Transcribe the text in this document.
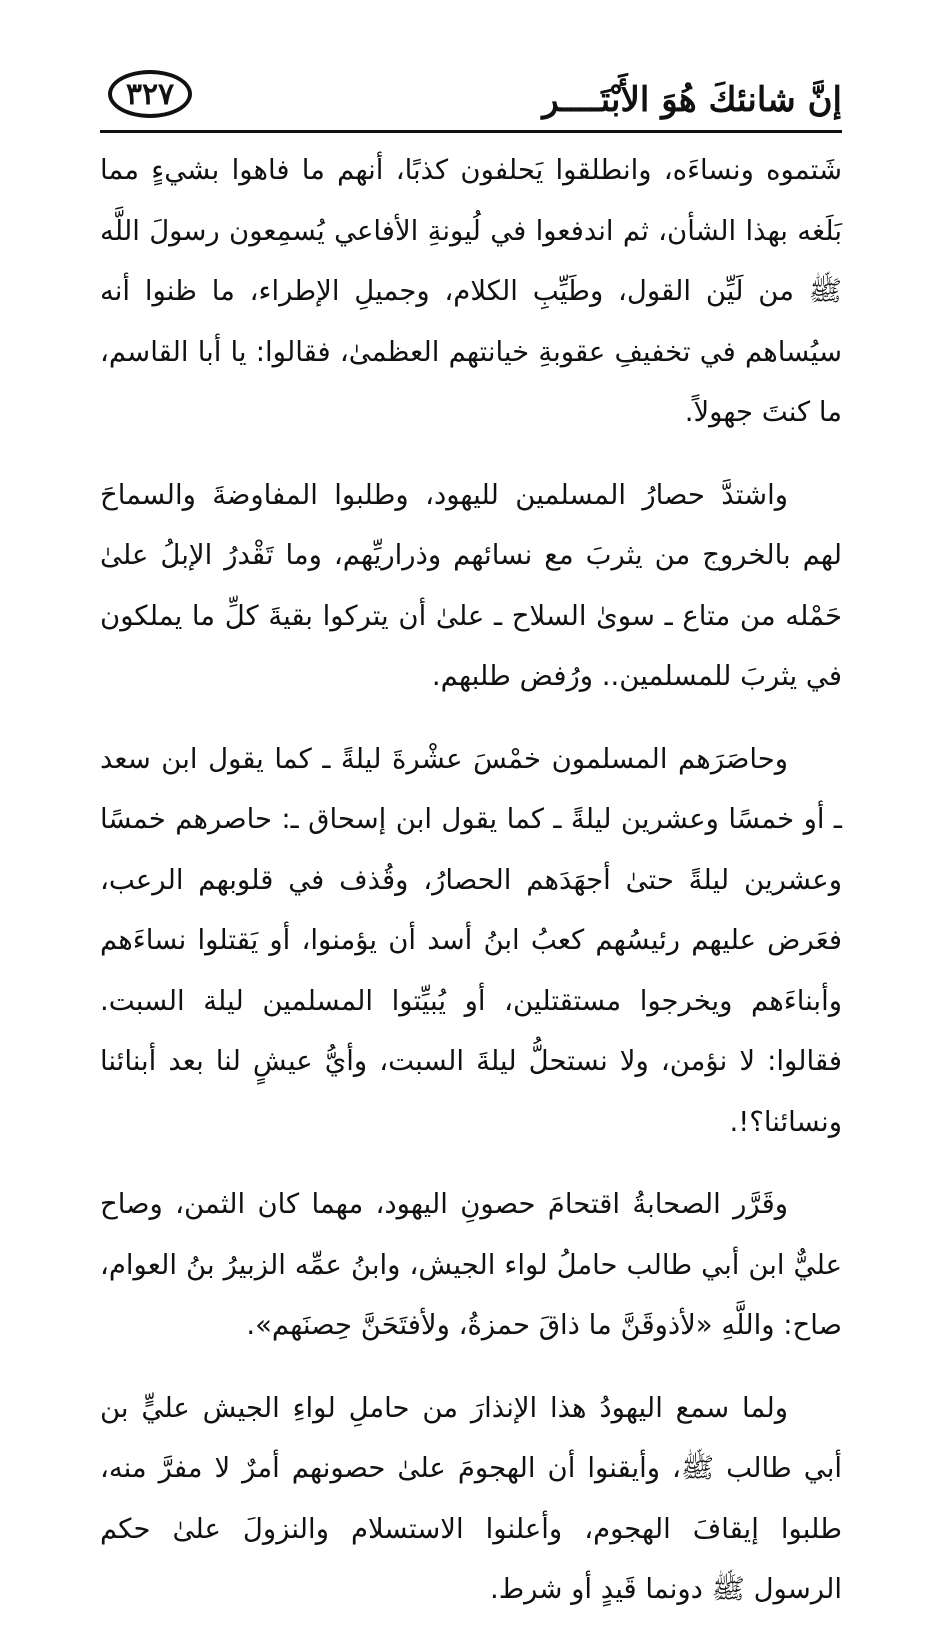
٣٢٧	إنَّ شانئكَ هُوَ الأَبْتَــــر

شَتموه ونساءَه، وانطلقوا يَحلفون كذبًا، أنهم ما فاهوا بشيءٍ مما بَلَغه بهذا الشأن، ثم اندفعوا في لُيونةِ الأفاعي يُسمِعون رسولَ اللَّه ﷺ من لَيِّن القول، وطَيِّبِ الكلام، وجميلِ الإطراء، ما ظنوا أنه سيُساهم في تخفيفِ عقوبةِ خيانتهم العظمىٰ، فقالوا: يا أبا القاسم، ما كنتَ جهولاً.

واشتدَّ حصارُ المسلمين لليهود، وطلبوا المفاوضةَ والسماحَ لهم بالخروج من يثربَ مع نسائهم وذراريِّهم، وما تَقْدرُ الإبلُ علىٰ حَمْله من متاع ـ سوىٰ السلاح ـ علىٰ أن يتركوا بقيةَ كلِّ ما يملكون في يثربَ للمسلمين.. ورُفض طلبهم.

وحاصَرَهم المسلمون خمْسَ عشْرةَ ليلةً ـ كما يقول ابن سعد ـ أو خمسًا وعشرين ليلةً ـ كما يقول ابن إسحاق ـ: حاصرهم خمسًا وعشرين ليلةً حتىٰ أجهَدَهم الحصارُ، وقُذف في قلوبهم الرعب، فعَرض عليهم رئيسُهم كعبُ ابنُ أسد أن يؤمنوا، أو يَقتلوا نساءَهم وأبناءَهم ويخرجوا مستقتلين، أو يُبيِّتوا المسلمين ليلة السبت. فقالوا: لا نؤمن، ولا نستحلُّ ليلةَ السبت، وأيُّ عيشٍ لنا بعد أبنائنا ونسائنا؟!.

وقَرَّر الصحابةُ اقتحامَ حصونِ اليهود، مهما كان الثمن، وصاح عليٌّ ابن أبي طالب حاملُ لواء الجيش، وابنُ عمِّه الزبيرُ بنُ العوام، صاح: واللَّهِ «لأذوقَنَّ ما ذاقَ حمزةُ، ولأفتَحَنَّ حِصنَهم».

ولما سمع اليهودُ هذا الإنذارَ من حاملِ لواءِ الجيش عليٍّ بن أبي طالب ﷺ، وأيقنوا أن الهجومَ علىٰ حصونهم أمرٌ لا مفرَّ منه، طلبوا إيقافَ الهجوم، وأعلنوا الاستسلام والنزولَ علىٰ حكم الرسول ﷺ دونما قَيدٍ أو شرط.
